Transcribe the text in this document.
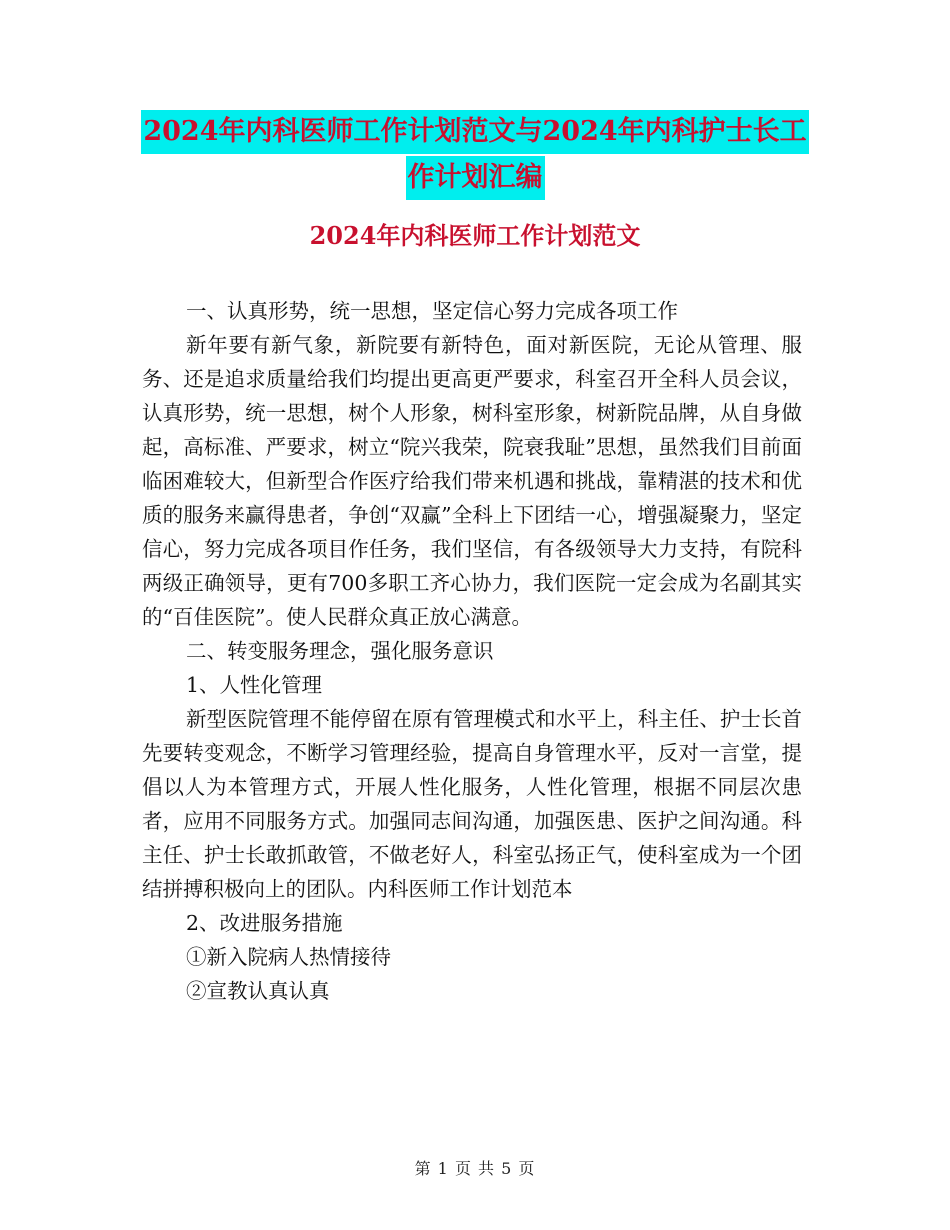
2024年内科医师工作计划范文与2024年内科护士长工
作计划汇编
2024年内科医师工作计划范文

一、认真形势，统一思想，坚定信心努力完成各项工作

新年要有新气象，新院要有新特色，面对新医院，无论从管理、服务、还是追求质量给我们均提出更高更严要求，科室召开全科人员会议，认真形势，统一思想，树个人形象，树科室形象，树新院品牌，从自身做起，高标准、严要求，树立“院兴我荣，院衰我耻”思想，虽然我们目前面临困难较大，但新型合作医疗给我们带来机遇和挑战，靠精湛的技术和优质的服务来赢得患者，争创“双赢”全科上下团结一心，增强凝聚力，坚定信心，努力完成各项目作任务，我们坚信，有各级领导大力支持，有院科两级正确领导，更有700多职工齐心协力，我们医院一定会成为名副其实的“百佳医院”。使人民群众真正放心满意。

二、转变服务理念，强化服务意识

1、人性化管理

新型医院管理不能停留在原有管理模式和水平上，科主任、护士长首先要转变观念，不断学习管理经验，提高自身管理水平，反对一言堂，提倡以人为本管理方式，开展人性化服务，人性化管理，根据不同层次患者，应用不同服务方式。加强同志间沟通，加强医患、医护之间沟通。科主任、护士长敢抓敢管，不做老好人，科室弘扬正气，使科室成为一个团结拼搏积极向上的团队。内科医师工作计划范本

2、改进服务措施

①新入院病人热情接待

②宣教认真认真

第 1 页 共 5 页
